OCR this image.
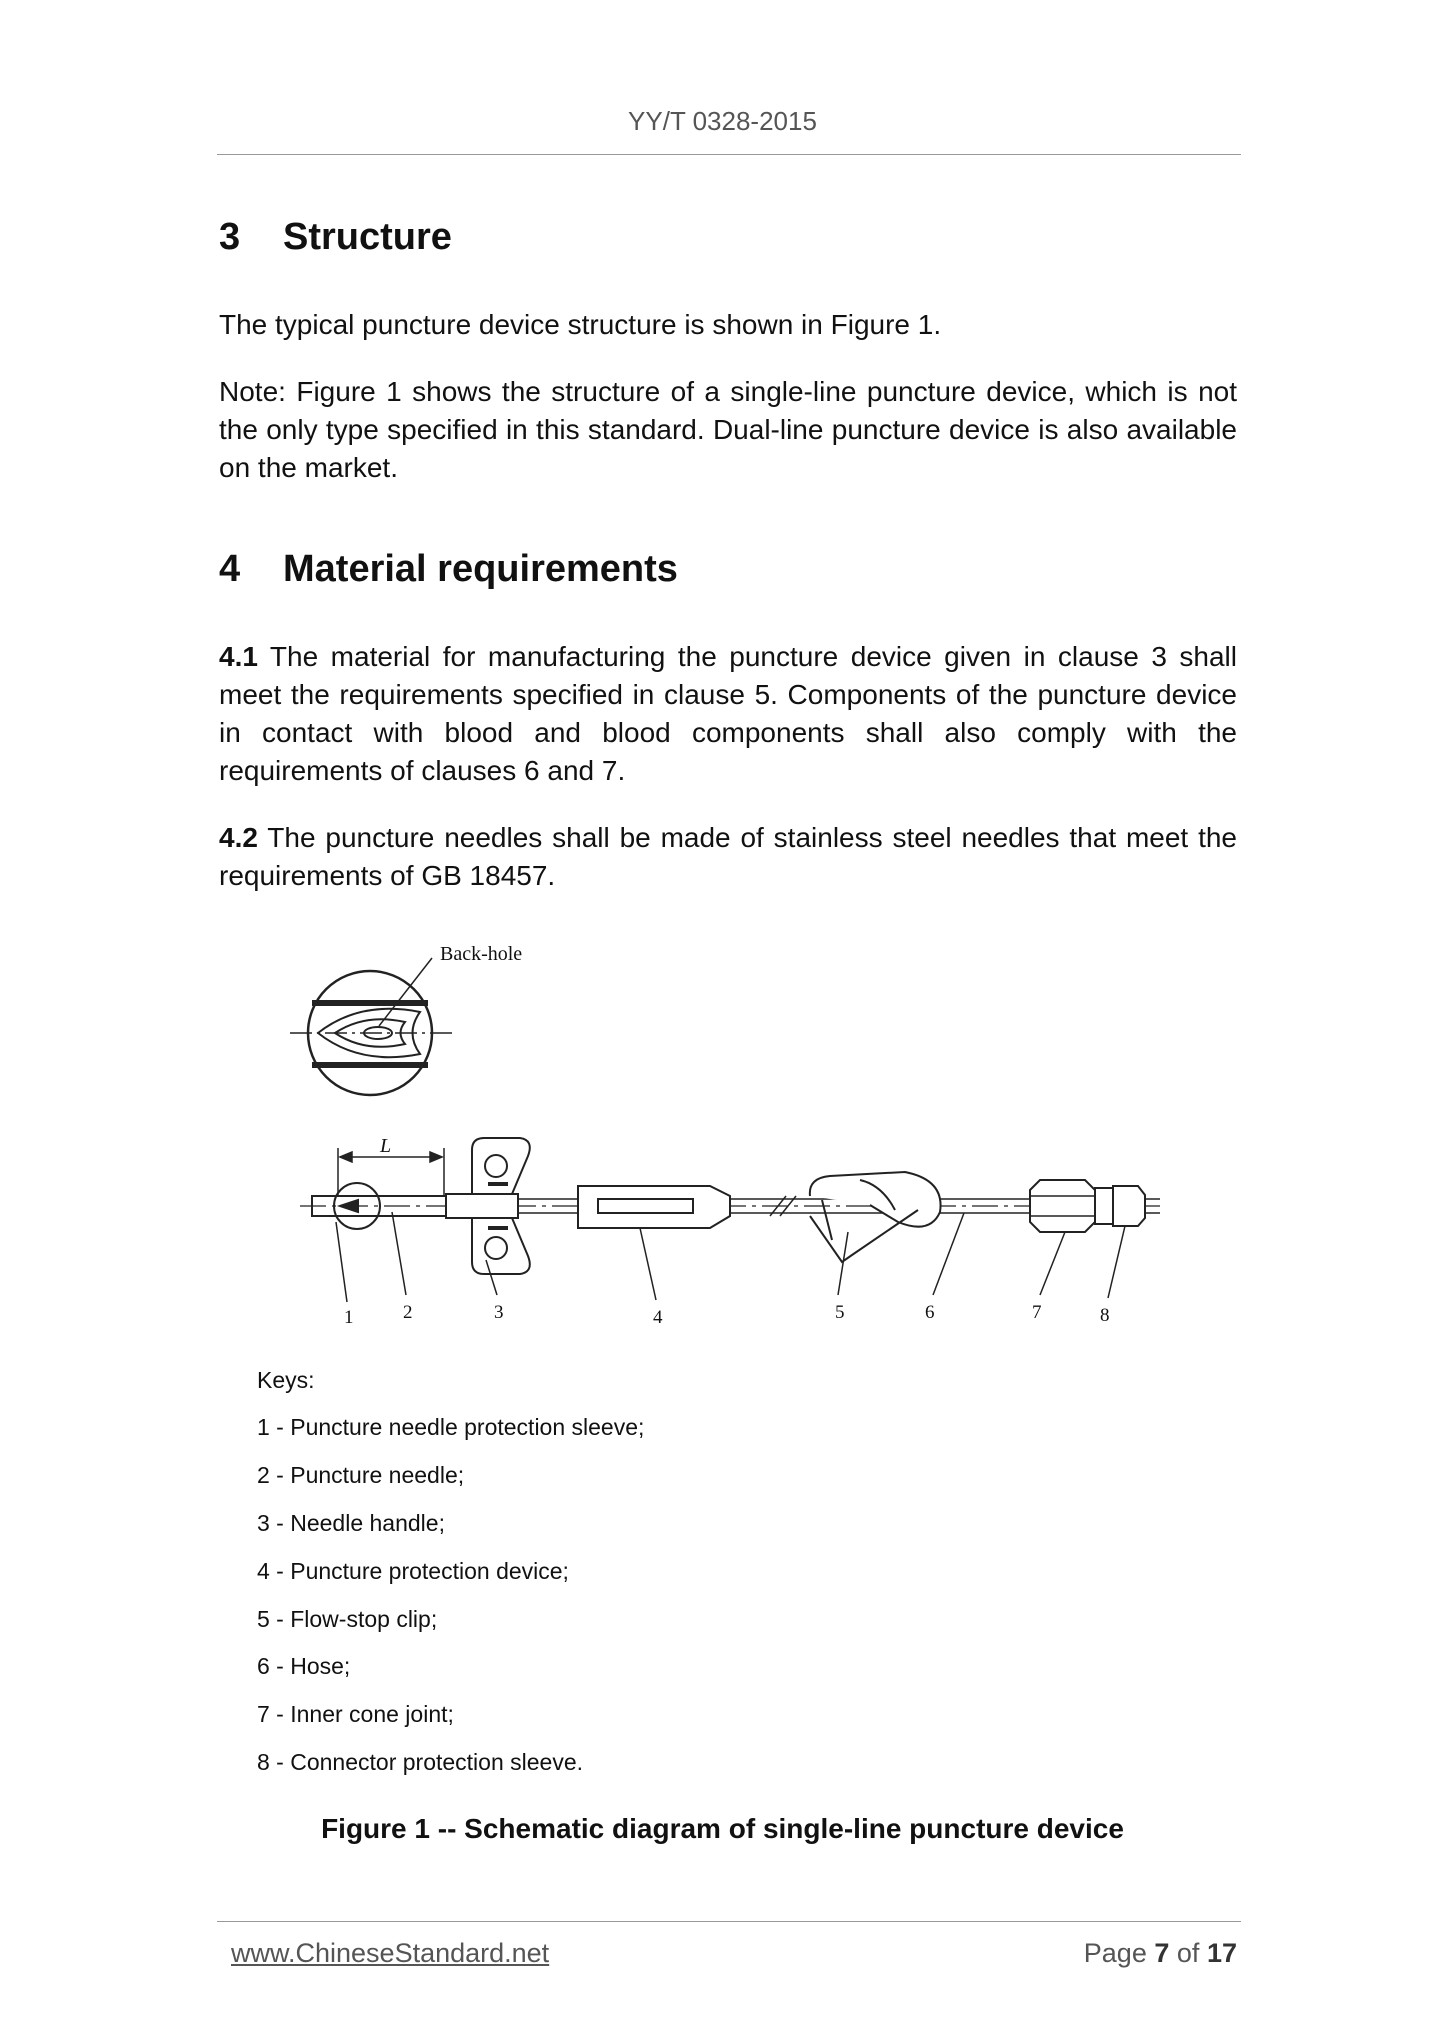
YY/T 0328-2015
3 Structure
The typical puncture device structure is shown in Figure 1.
Note: Figure 1 shows the structure of a single-line puncture device, which is not the only type specified in this standard. Dual-line puncture device is also available on the market.
4 Material requirements
4.1 The material for manufacturing the puncture device given in clause 3 shall meet the requirements specified in clause 5. Components of the puncture device in contact with blood and blood components shall also comply with the requirements of clauses 6 and 7.
4.2 The puncture needles shall be made of stainless steel needles that meet the requirements of GB 18457.
Back-hole
L
1	2	3	4	5	6	7	8
Keys:
1 - Puncture needle protection sleeve;
2 - Puncture needle;
3 - Needle handle;
4 - Puncture protection device;
5 - Flow-stop clip;
6 - Hose;
7 - Inner cone joint;
8 - Connector protection sleeve.
Figure 1 -- Schematic diagram of single-line puncture device
www.ChineseStandard.net	Page 7 of 17
